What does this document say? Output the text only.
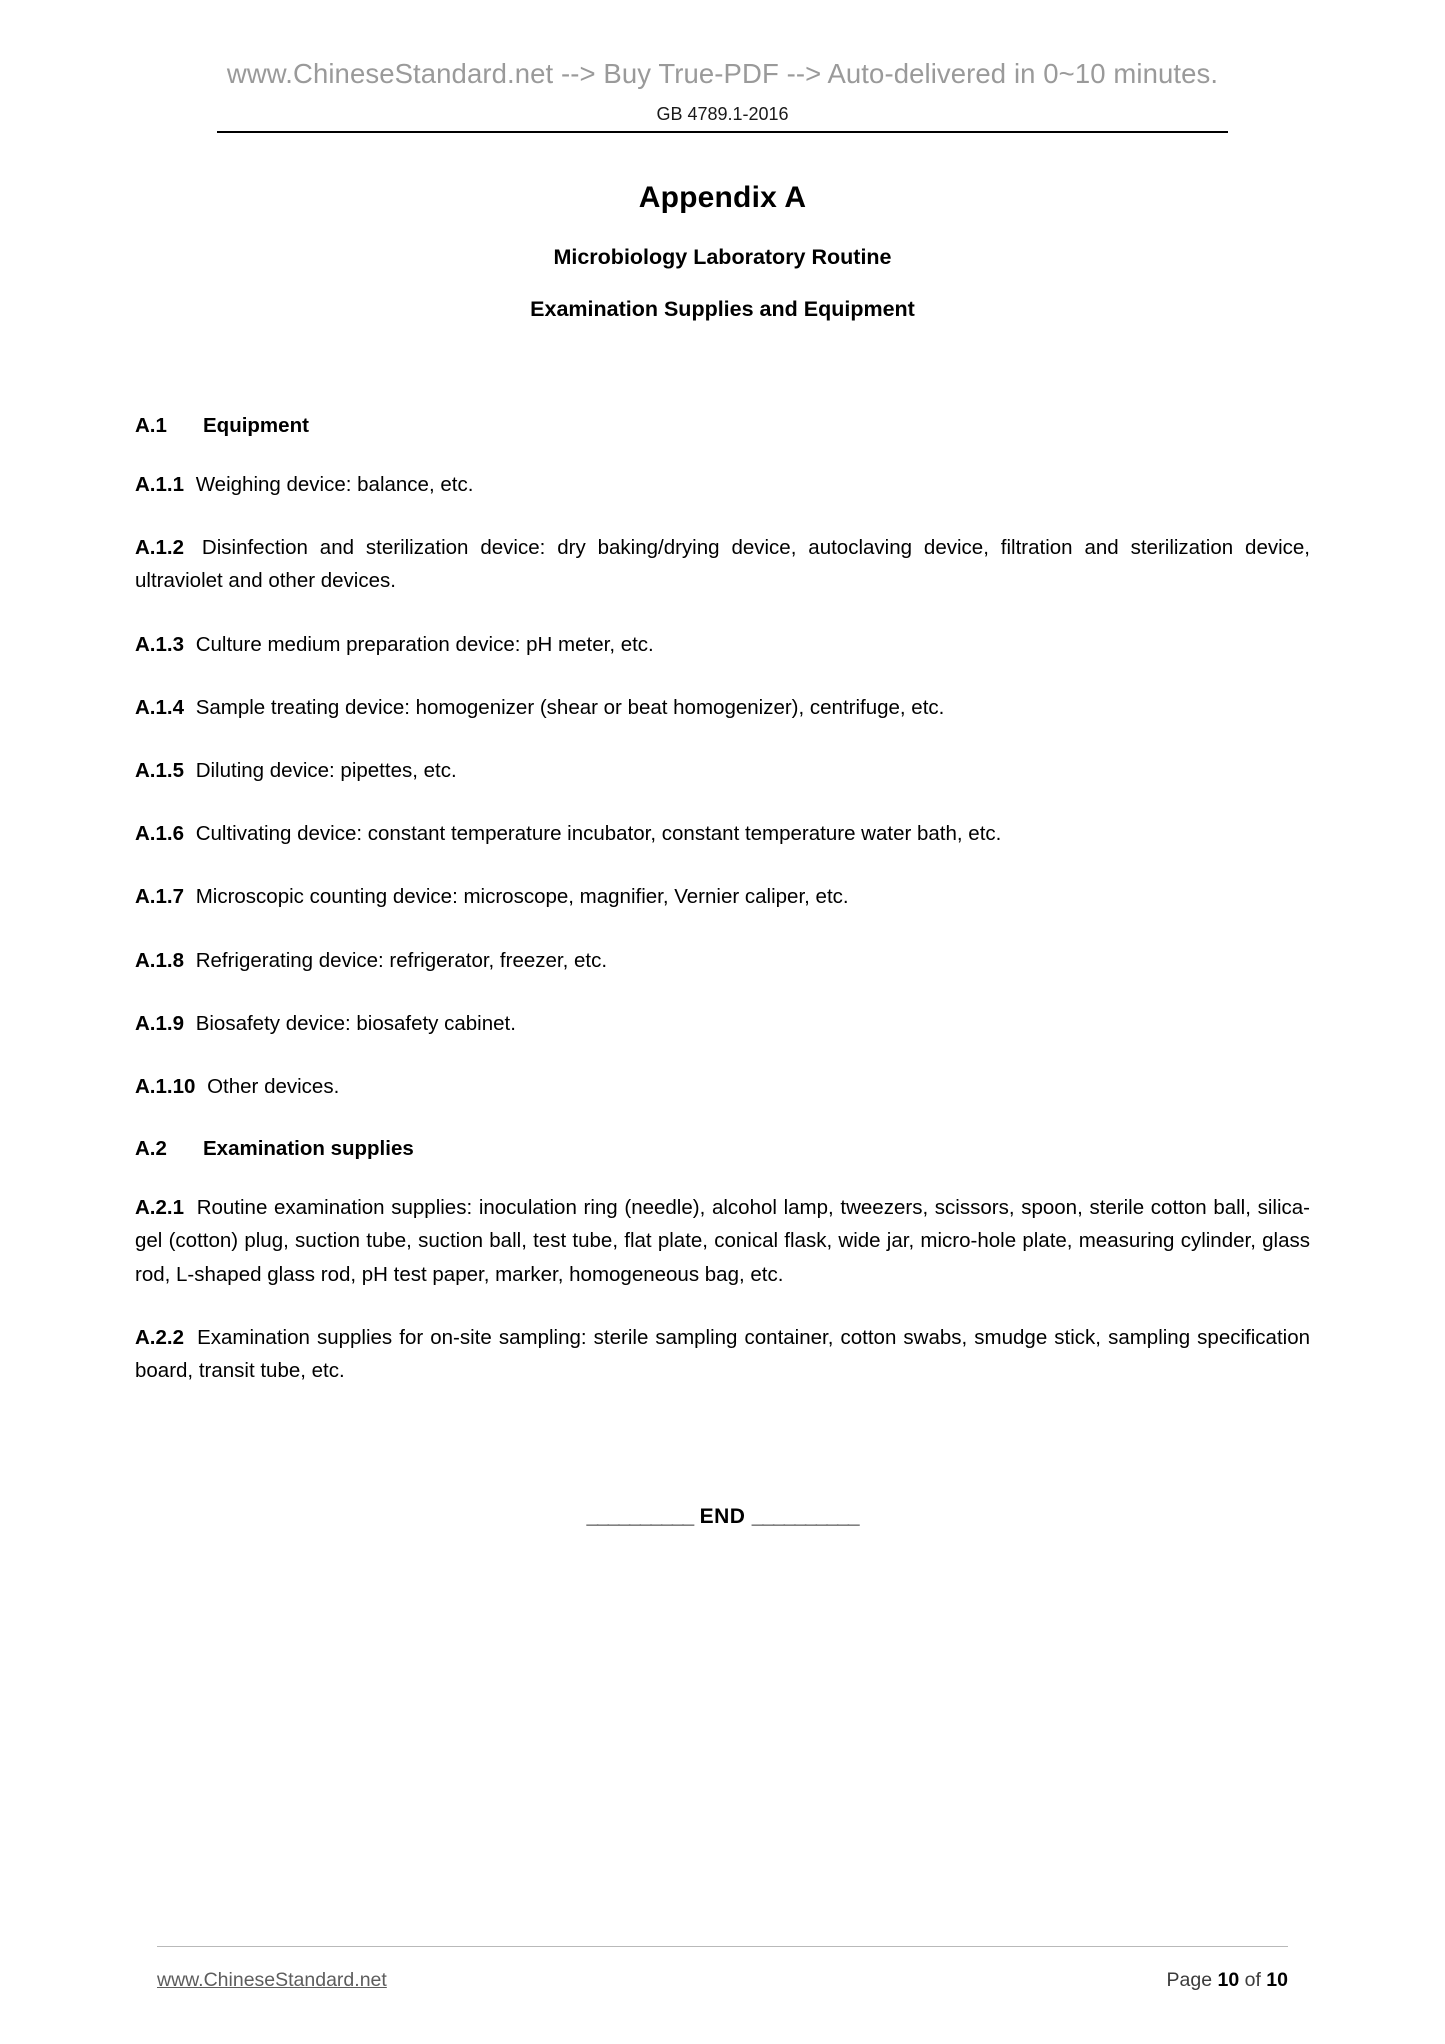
www.ChineseStandard.net --> Buy True-PDF --> Auto-delivered in 0~10 minutes.
GB 4789.1-2016
Appendix A
Microbiology Laboratory Routine
Examination Supplies and Equipment

A.1 Equipment

A.1.1 Weighing device: balance, etc.

A.1.2 Disinfection and sterilization device: dry baking/drying device, autoclaving device, filtration and sterilization device, ultraviolet and other devices.

A.1.3 Culture medium preparation device: pH meter, etc.

A.1.4 Sample treating device: homogenizer (shear or beat homogenizer), centrifuge, etc.

A.1.5 Diluting device: pipettes, etc.

A.1.6 Cultivating device: constant temperature incubator, constant temperature water bath, etc.

A.1.7 Microscopic counting device: microscope, magnifier, Vernier caliper, etc.

A.1.8 Refrigerating device: refrigerator, freezer, etc.

A.1.9 Biosafety device: biosafety cabinet.

A.1.10 Other devices.

A.2 Examination supplies

A.2.1 Routine examination supplies: inoculation ring (needle), alcohol lamp, tweezers, scissors, spoon, sterile cotton ball, silica-gel (cotton) plug, suction tube, suction ball, test tube, flat plate, conical flask, wide jar, micro-hole plate, measuring cylinder, glass rod, L-shaped glass rod, pH test paper, marker, homogeneous bag, etc.

A.2.2 Examination supplies for on-site sampling: sterile sampling container, cotton swabs, smudge stick, sampling specification board, transit tube, etc.

__________ END __________
www.ChineseStandard.net	Page 10 of 10
